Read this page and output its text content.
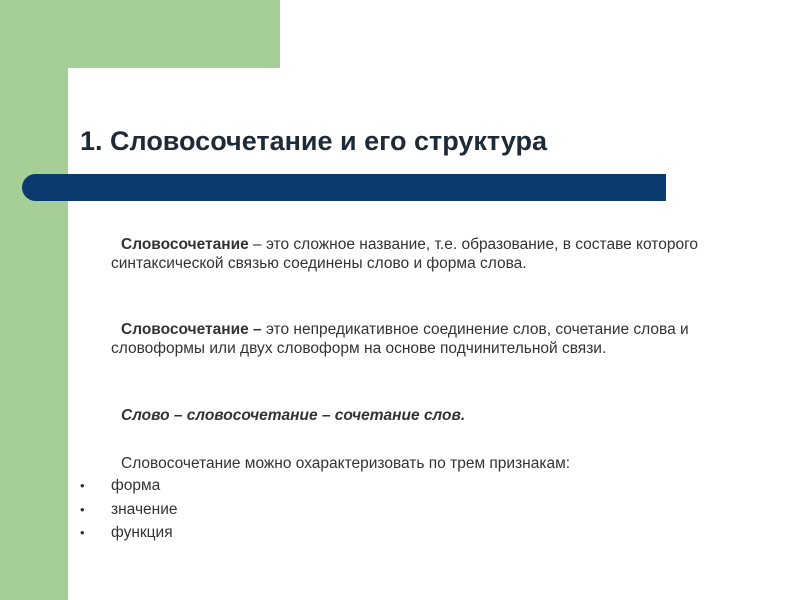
1. Словосочетание и его структура
Словосочетание – это сложное название, т.е. образование, в составе которого синтаксической связью соединены слово и форма слова.
Словосочетание – это непредикативное соединение слов, сочетание слова и словоформы или двух словоформ на основе подчинительной связи.
Слово – словосочетание – сочетание слов.
Словосочетание можно охарактеризовать по трем признакам:
• форма
• значение
• функция
